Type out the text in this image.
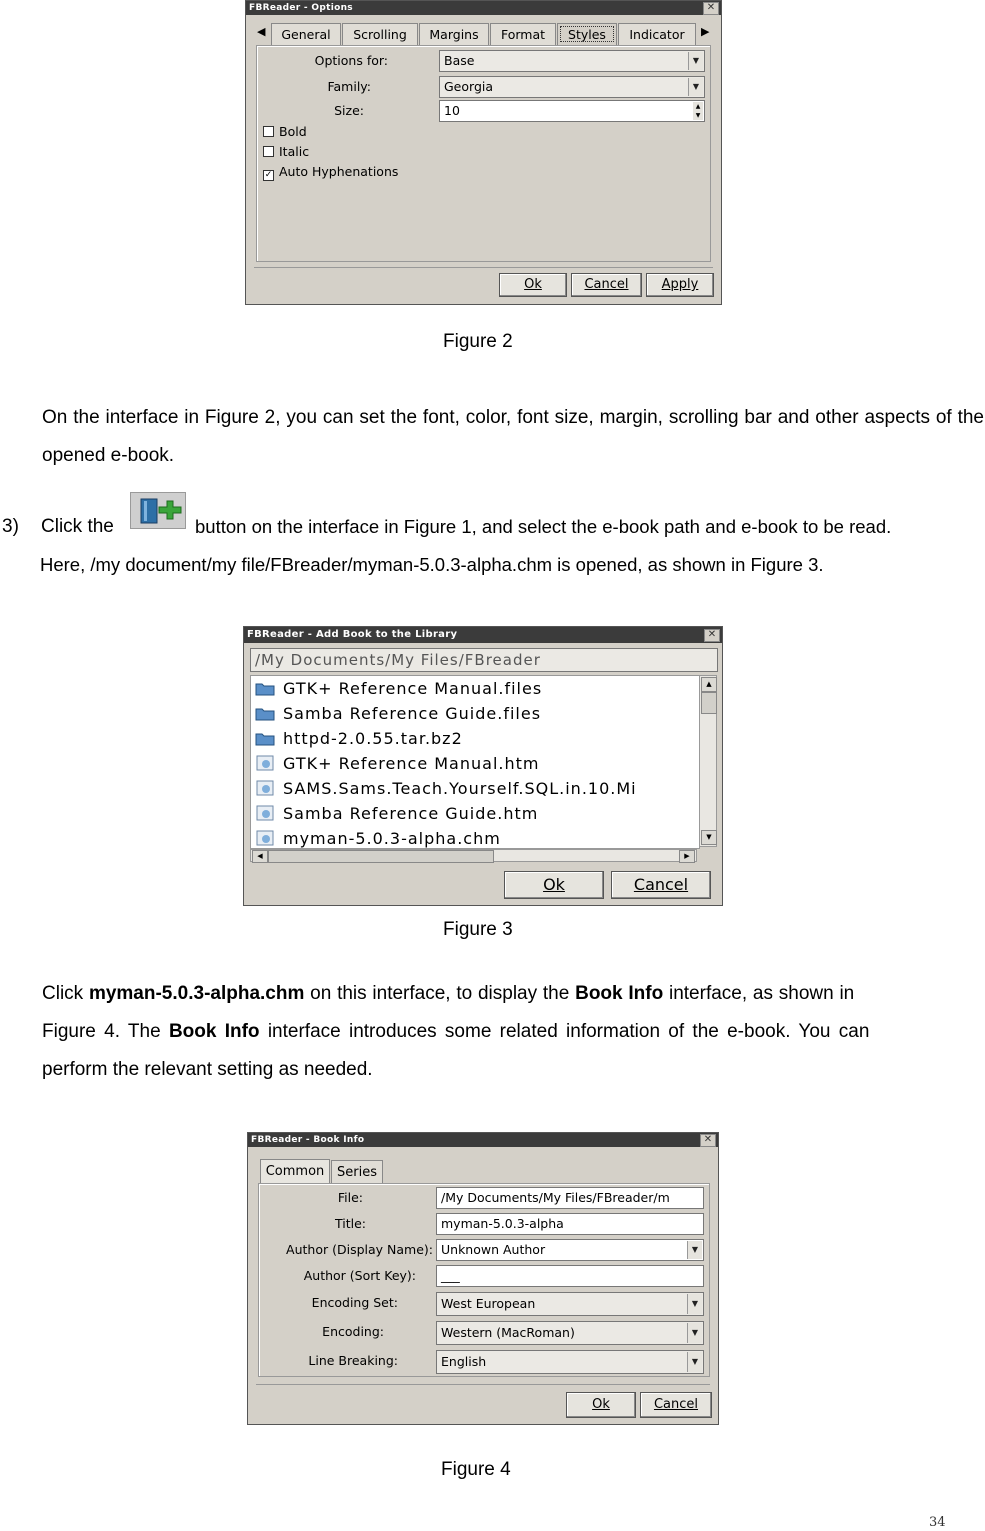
FBReader - Options	✕
◀	General	Scrolling	Margins	Format	Styles	Indicator	▶
Options for:	Base	▼
Family:	Georgia	▼
Size:	10	▲
▼
Bold
Italic
✓ Auto Hyphenations
Ok	Cancel	Apply
Figure 2
On the interface in Figure 2, you can set the font, color, font size, margin, scrolling bar and other aspects of the opened e-book.
3) Click the	button on the interface in Figure 1, and select the e-book path and e-book to be read.
Here, /my document/my file/FBreader/myman-5.0.3-alpha.chm is opened, as shown in Figure 3.
FBReader - Add Book to the Library	✕
/My Documents/My Files/FBreader
GTK+ Reference Manual.files
Samba Reference Guide.files
httpd-2.0.55.tar.bz2
GTK+ Reference Manual.htm
SAMS.Sams.Teach.Yourself.SQL.in.10.Mi
Samba Reference Guide.htm
myman-5.0.3-alpha.chm
▲
▼
◀	▶
Ok	Cancel
Figure 3
Click myman-5.0.3-alpha.chm on this interface, to display the Book Info interface, as shown in
Figure 4. The Book Info interface introduces some related information of the e-book. You can
perform the relevant setting as needed.
FBReader - Book Info	✕
Common Series
File:	/My Documents/My Files/FBreader/m
Title:	myman-5.0.3-alpha
Author (Display Name): Unknown Author	▼
Author (Sort Key):	___
Encoding Set:	West European	▼
Encoding:	Western (MacRoman)	▼
Line Breaking:	English	▼
Ok	Cancel
Figure 4
34
